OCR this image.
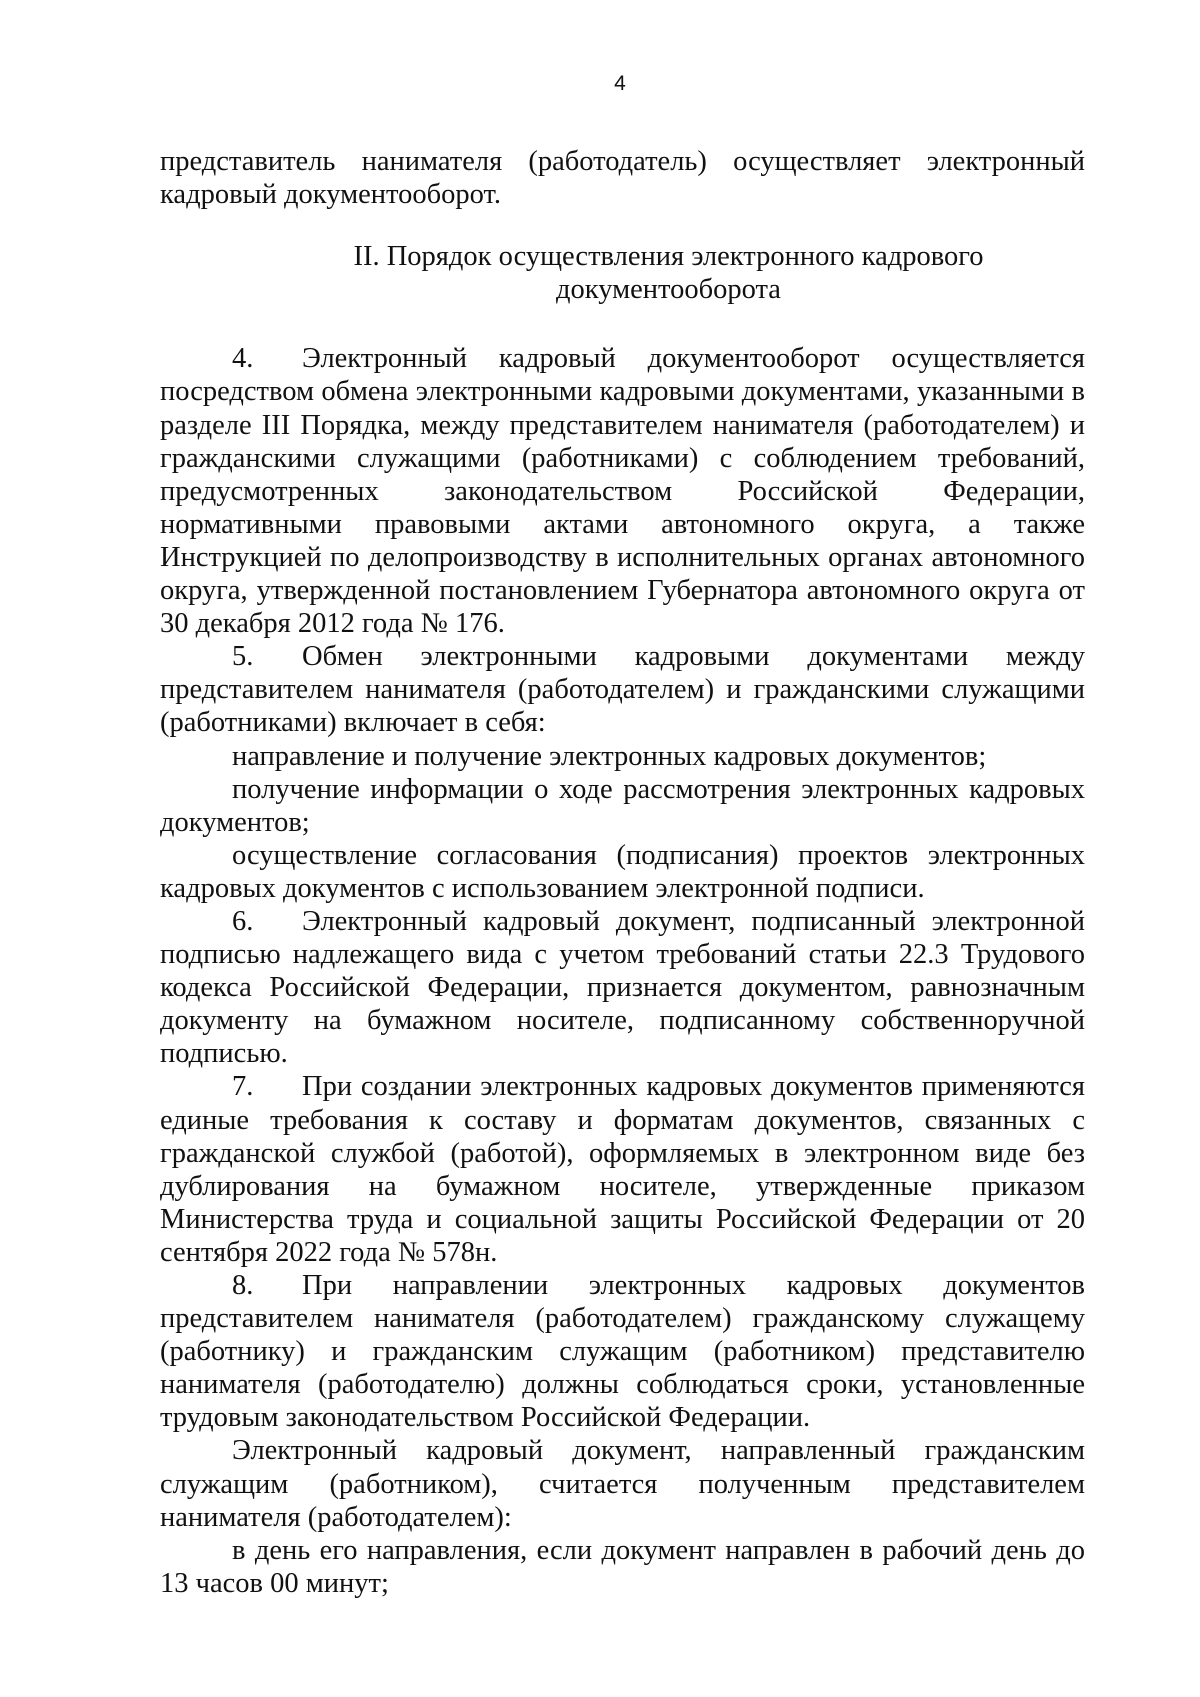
4

представитель нанимателя (работодатель) осуществляет электронный кадровый документооборот.

II. Порядок осуществления электронного кадрового
документооборота

4. Электронный кадровый документооборот осуществляется посредством обмена электронными кадровыми документами, указанными в разделе III Порядка, между представителем нанимателя (работодателем) и гражданскими служащими (работниками) с соблюдением требований, предусмотренных законодательством Российской Федерации, нормативными правовыми актами автономного округа, а также Инструкцией по делопроизводству в исполнительных органах автономного округа, утвержденной постановлением Губернатора автономного округа от 30 декабря 2012 года № 176.

5. Обмен электронными кадровыми документами между представителем нанимателя (работодателем) и гражданскими служащими (работниками) включает в себя:

направление и получение электронных кадровых документов;

получение информации о ходе рассмотрения электронных кадровых документов;

осуществление согласования (подписания) проектов электронных кадровых документов с использованием электронной подписи.

6. Электронный кадровый документ, подписанный электронной подписью надлежащего вида с учетом требований статьи 22.3 Трудового кодекса Российской Федерации, признается документом, равнозначным документу на бумажном носителе, подписанному собственноручной подписью.

7. При создании электронных кадровых документов применяются единые требования к составу и форматам документов, связанных с гражданской службой (работой), оформляемых в электронном виде без дублирования на бумажном носителе, утвержденные приказом Министерства труда и социальной защиты Российской Федерации от 20 сентября 2022 года № 578н.

8. При направлении электронных кадровых документов представителем нанимателя (работодателем) гражданскому служащему (работнику) и гражданским служащим (работником) представителю нанимателя (работодателю) должны соблюдаться сроки, установленные трудовым законодательством Российской Федерации.

Электронный кадровый документ, направленный гражданским служащим (работником), считается полученным представителем нанимателя (работодателем):

в день его направления, если документ направлен в рабочий день до 13 часов 00 минут;
